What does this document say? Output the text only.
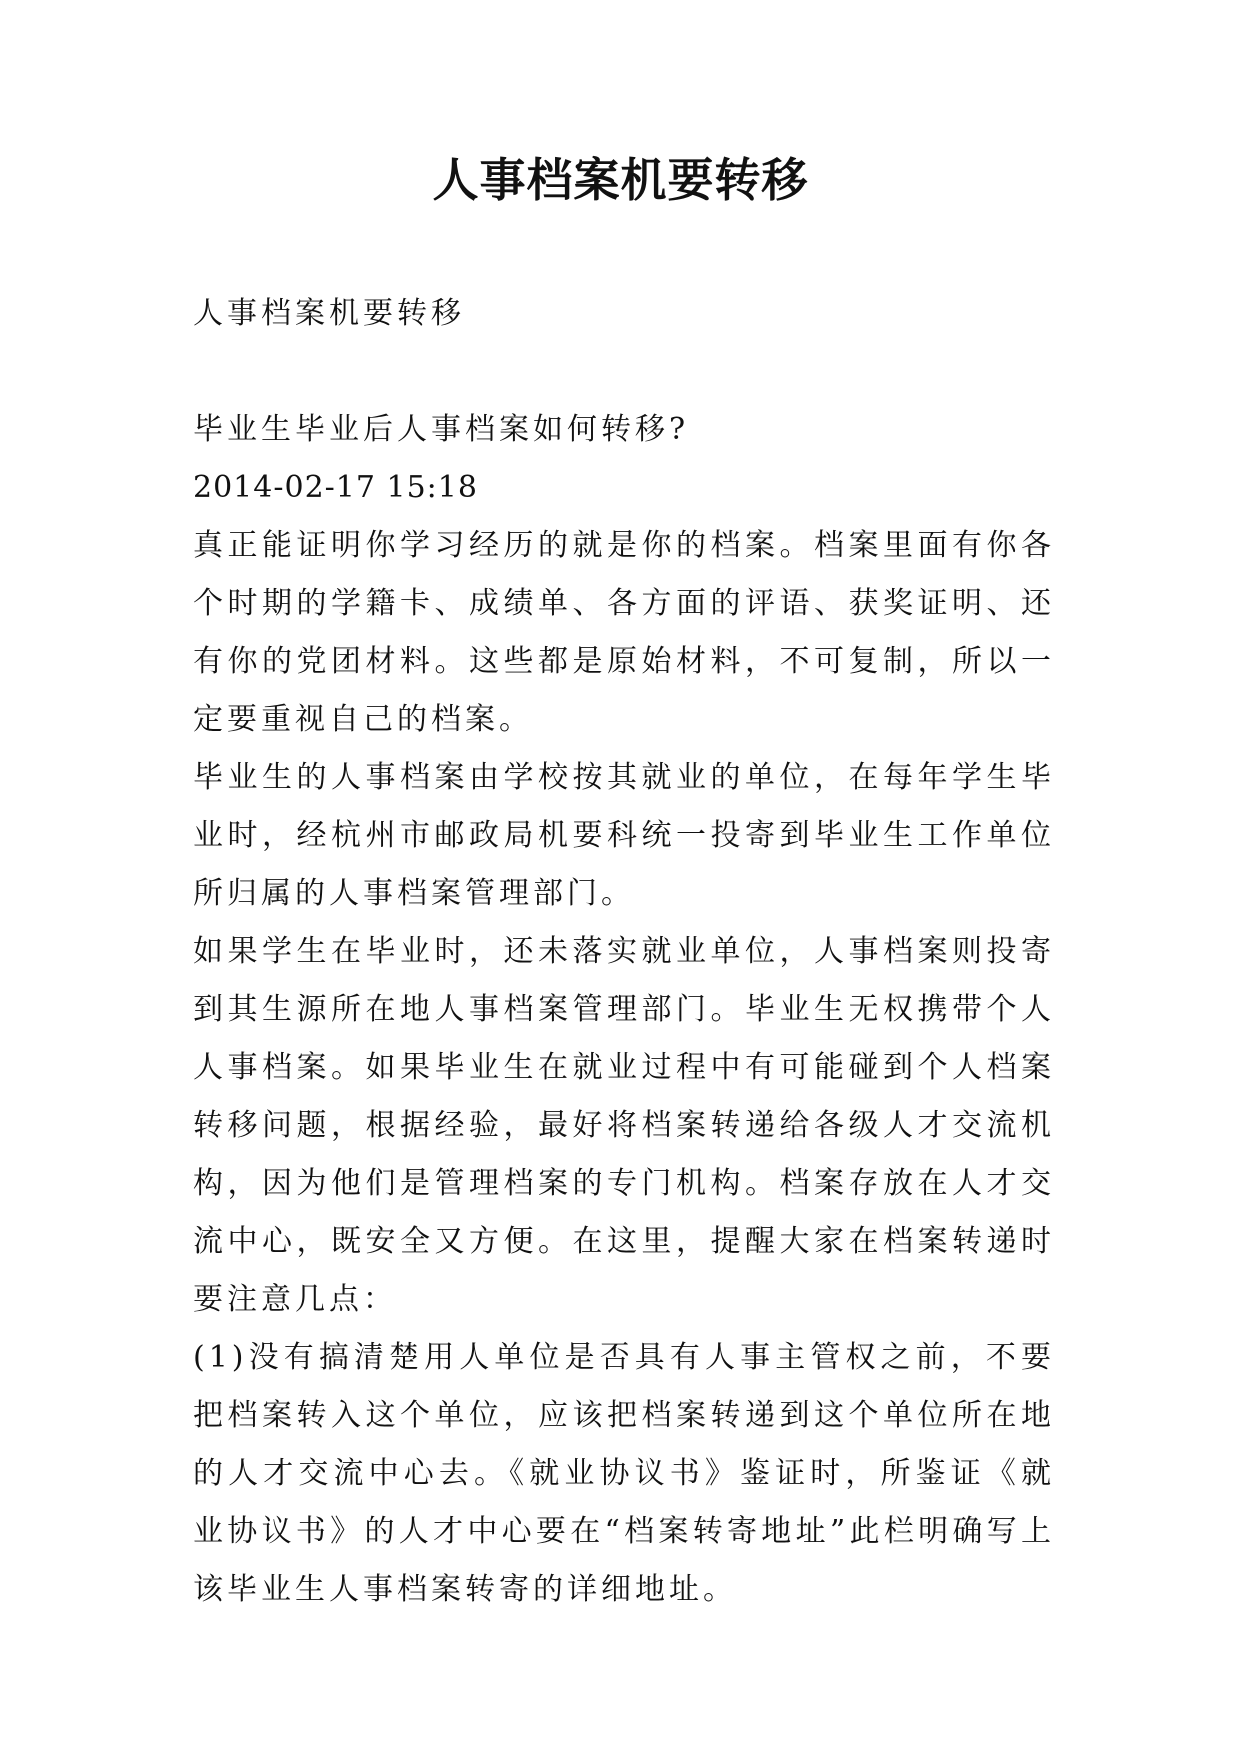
人事档案机要转移

人事档案机要转移

毕业生毕业后人事档案如何转移?

2014-02-17 15:18

真正能证明你学习经历的就是你的档案。档案里面有你各个时期的学籍卡、成绩单、各方面的评语、获奖证明、还有你的党团材料。这些都是原始材料，不可复制，所以一定要重视自己的档案。

毕业生的人事档案由学校按其就业的单位，在每年学生毕业时，经杭州市邮政局机要科统一投寄到毕业生工作单位所归属的人事档案管理部门。

如果学生在毕业时，还未落实就业单位，人事档案则投寄到其生源所在地人事档案管理部门。毕业生无权携带个人人事档案。如果毕业生在就业过程中有可能碰到个人档案转移问题，根据经验，最好将档案转递给各级人才交流机构，因为他们是管理档案的专门机构。档案存放在人才交流中心，既安全又方便。在这里，提醒大家在档案转递时要注意几点：

(1)没有搞清楚用人单位是否具有人事主管权之前，不要把档案转入这个单位，应该把档案转递到这个单位所在地的人才交流中心去。《就业协议书》鉴证时，所鉴证《就业协议书》的人才中心要在“档案转寄地址”此栏明确写上该毕业生人事档案转寄的详细地址。
